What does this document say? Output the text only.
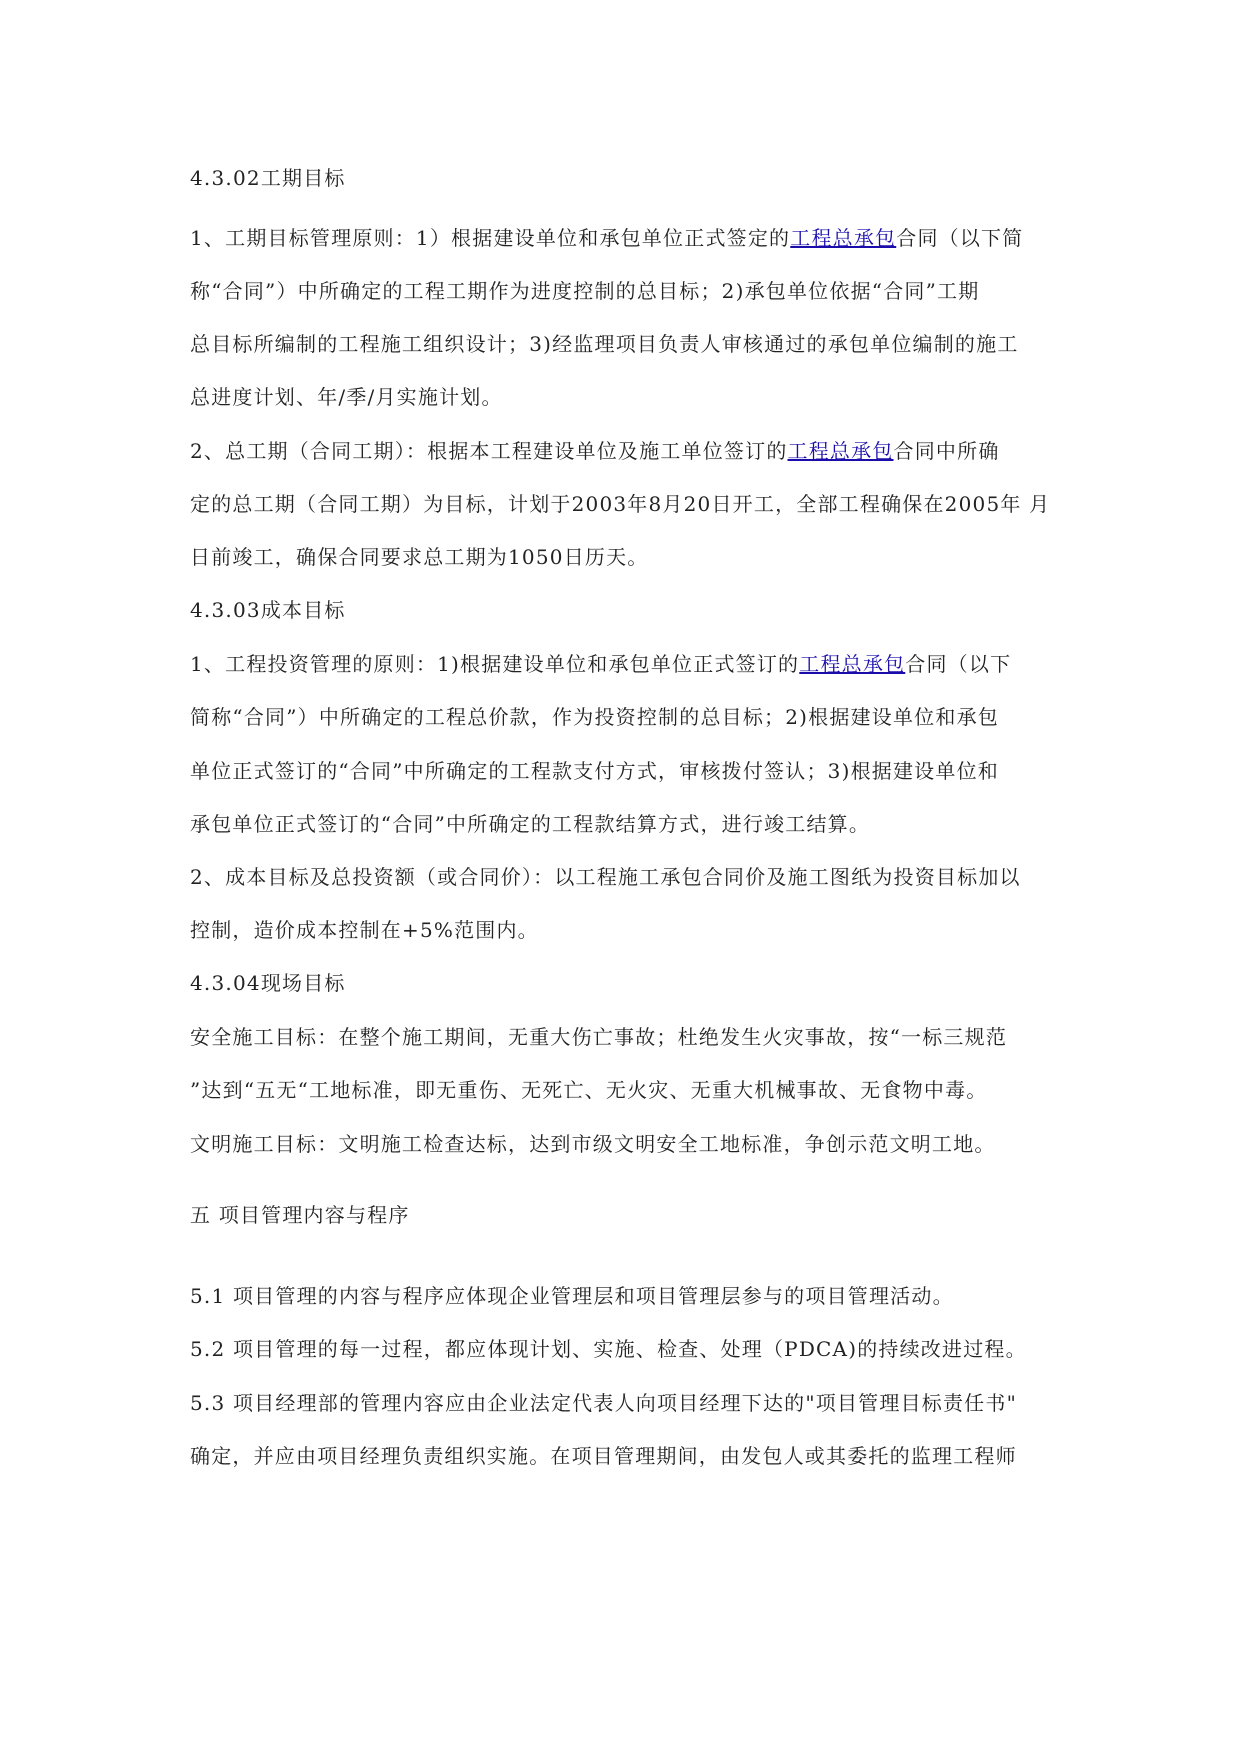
4.3.02工期目标
1、工期目标管理原则：1）根据建设单位和承包单位正式签定的工程总承包合同（以下简
称“合同”）中所确定的工程工期作为进度控制的总目标；2)承包单位依据“合同”工期
总目标所编制的工程施工组织设计；3)经监理项目负责人审核通过的承包单位编制的施工
总进度计划、年/季/月实施计划。
2、总工期（合同工期）：根据本工程建设单位及施工单位签订的工程总承包合同中所确
定的总工期（合同工期）为目标，计划于2003年8月20日开工，全部工程确保在2005年 月
日前竣工，确保合同要求总工期为1050日历天。
4.3.03成本目标
1、工程投资管理的原则：1)根据建设单位和承包单位正式签订的工程总承包合同（以下
简称“合同”）中所确定的工程总价款，作为投资控制的总目标；2)根据建设单位和承包
单位正式签订的“合同”中所确定的工程款支付方式，审核拨付签认；3)根据建设单位和
承包单位正式签订的“合同”中所确定的工程款结算方式，进行竣工结算。
2、成本目标及总投资额（或合同价）：以工程施工承包合同价及施工图纸为投资目标加以
控制，造价成本控制在+5%范围内。
4.3.04现场目标
安全施工目标：在整个施工期间，无重大伤亡事故；杜绝发生火灾事故，按“一标三规范
”达到“五无“工地标准，即无重伤、无死亡、无火灾、无重大机械事故、无食物中毒。
文明施工目标：文明施工检查达标，达到市级文明安全工地标准，争创示范文明工地。
五 项目管理内容与程序
5.1 项目管理的内容与程序应体现企业管理层和项目管理层参与的项目管理活动。
5.2 项目管理的每一过程，都应体现计划、实施、检查、处理（PDCA)的持续改进过程。
5.3 项目经理部的管理内容应由企业法定代表人向项目经理下达的"项目管理目标责任书"
确定，并应由项目经理负责组织实施。在项目管理期间，由发包人或其委托的监理工程师
